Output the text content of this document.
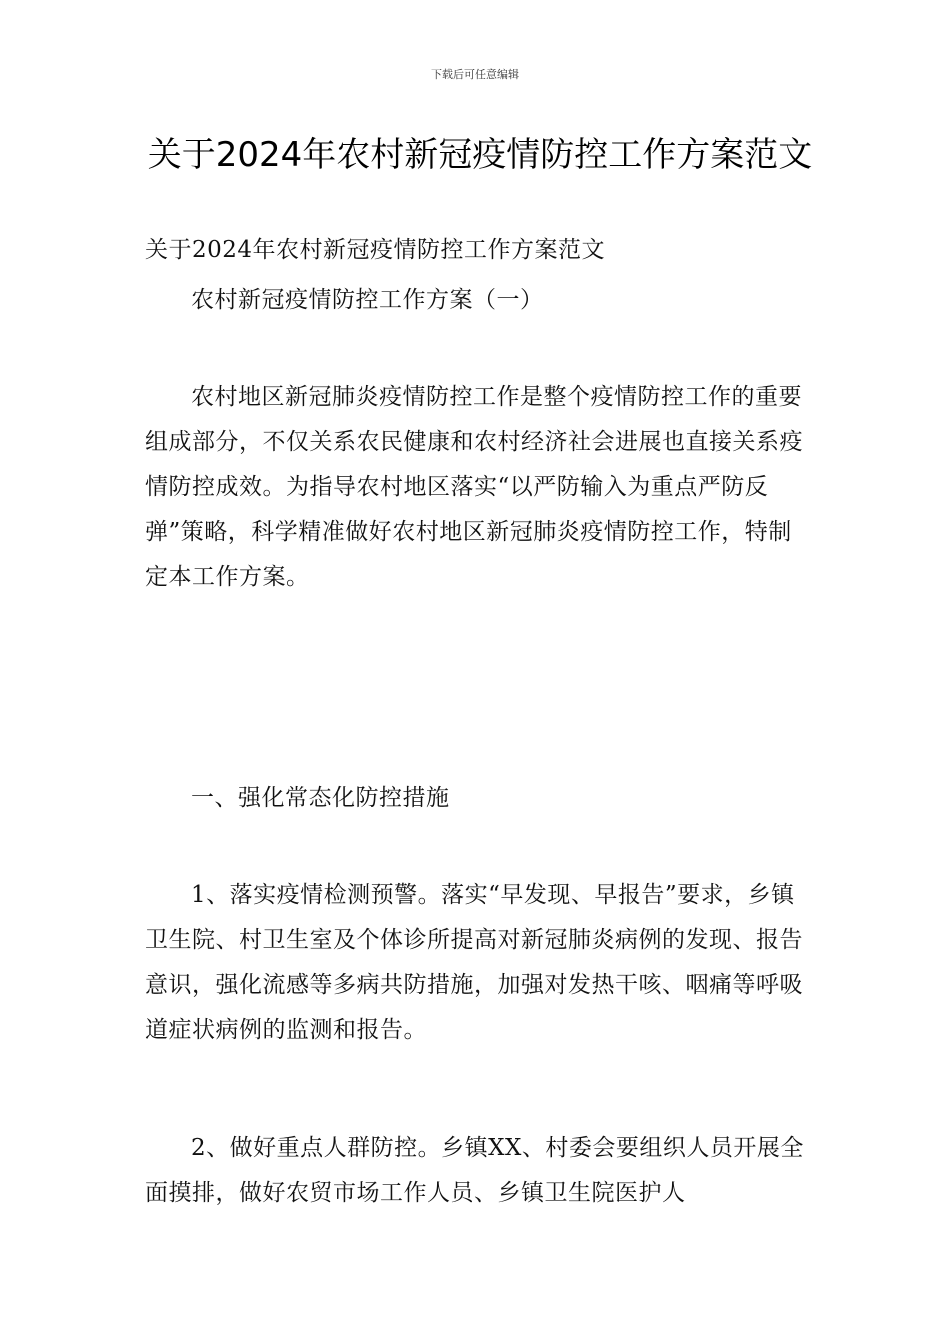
下载后可任意编辑
关于2024年农村新冠疫情防控工作方案范文
关于2024年农村新冠疫情防控工作方案范文
农村新冠疫情防控工作方案（一）
农村地区新冠肺炎疫情防控工作是整个疫情防控工作的重要组成部分，不仅关系农民健康和农村经济社会进展也直接关系疫情防控成效。为指导农村地区落实“以严防输入为重点严防反弹”策略，科学精准做好农村地区新冠肺炎疫情防控工作，特制定本工作方案。
一、强化常态化防控措施
1、落实疫情检测预警。落实“早发现、早报告”要求，乡镇卫生院、村卫生室及个体诊所提高对新冠肺炎病例的发现、报告意识，强化流感等多病共防措施，加强对发热干咳、咽痛等呼吸道症状病例的监测和报告。
2、做好重点人群防控。乡镇XX、村委会要组织人员开展全面摸排，做好农贸市场工作人员、乡镇卫生院医护人
